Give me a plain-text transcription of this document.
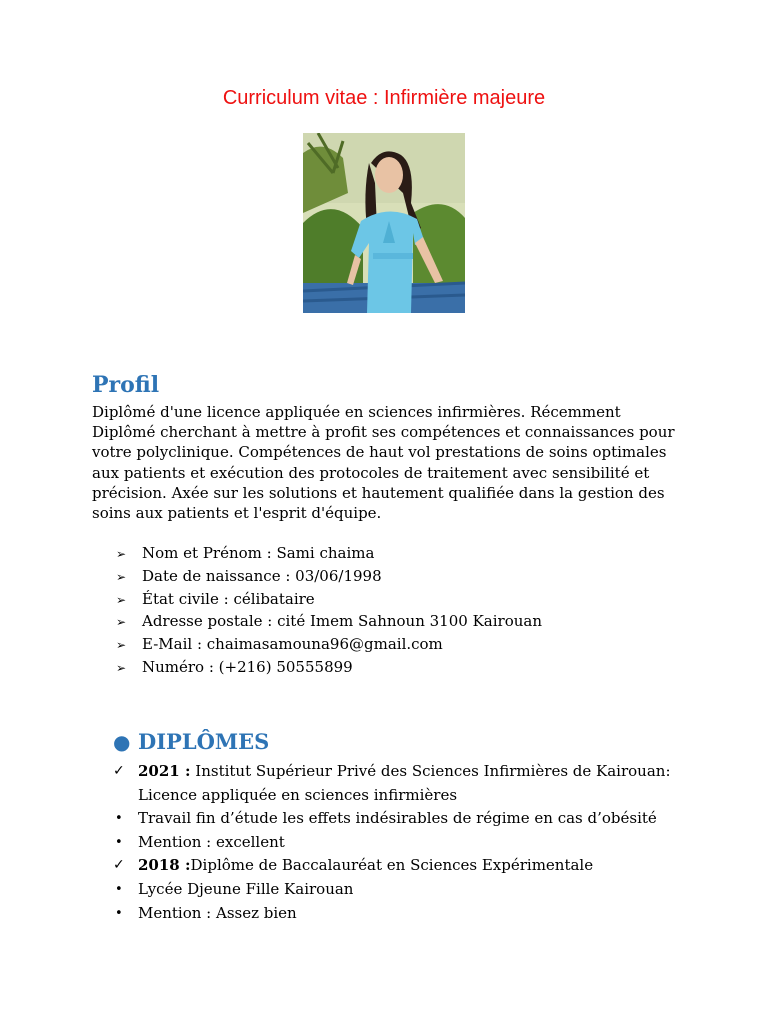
Curriculum vitae : Infirmière majeure
Profil
Diplômé d'une licence appliquée en sciences infirmières. Récemment
Diplômé cherchant à mettre à profit ses compétences et connaissances pour
votre polyclinique. Compétences de haut vol prestations de soins optimales
aux patients et exécution des protocoles de traitement avec sensibilité et
précision. Axée sur les solutions et hautement qualifiée dans la gestion des
soins aux patients et l'esprit d'équipe.
➢ Nom et Prénom : Sami chaima
➢ Date de naissance : 03/06/1998
➢ État civile : célibataire
➢ Adresse postale : cité Imem Sahnoun 3100 Kairouan
➢ E-Mail : chaimasamouna96@gmail.com
➢ Numéro : (+216) 50555899
● DIPLÔMES
✓ 2021 : Institut Supérieur Privé des Sciences Infirmières de Kairouan:
Licence appliquée en sciences infirmières
•	Travail fin d’étude les effets indésirables de régime en cas d’obésité
•	Mention : excellent
✓ 2018 :Diplôme de Baccalauréat en Sciences Expérimentale
•	Lycée Djeune Fille Kairouan
•	Mention : Assez bien
